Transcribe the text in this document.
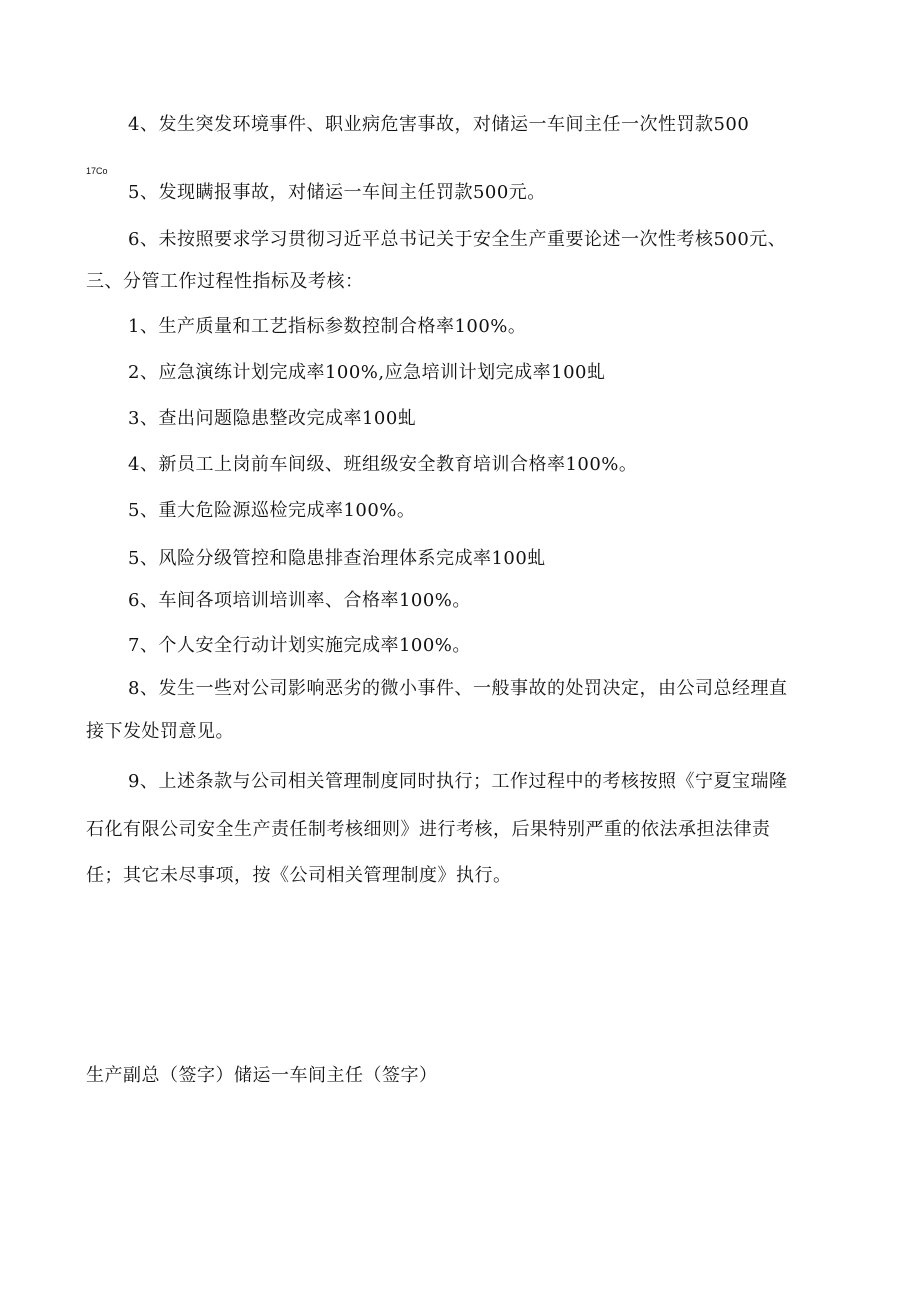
4、发生突发环境事件、职业病危害事故，对储运一车间主任一次性罚款500
17Co
5、发现瞒报事故，对储运一车间主任罚款500元。
6、未按照要求学习贯彻习近平总书记关于安全生产重要论述一次性考核500元、
三、分管工作过程性指标及考核：
1、生产质量和工艺指标参数控制合格率100%。
2、应急演练计划完成率100%,应急培训计划完成率100虬
3、查出问题隐患整改完成率100虬
4、新员工上岗前车间级、班组级安全教育培训合格率100%。
5、重大危险源巡检完成率100%。
5、风险分级管控和隐患排查治理体系完成率100虬
6、车间各项培训培训率、合格率100%。
7、个人安全行动计划实施完成率100%。
8、发生一些对公司影响恶劣的微小事件、一般事故的处罚决定，由公司总经理直
接下发处罚意见。
9、上述条款与公司相关管理制度同时执行；工作过程中的考核按照《宁夏宝瑞隆
石化有限公司安全生产责任制考核细则》进行考核，后果特别严重的依法承担法律责
任；其它未尽事项，按《公司相关管理制度》执行。
生产副总（签字）储运一车间主任（签字）
